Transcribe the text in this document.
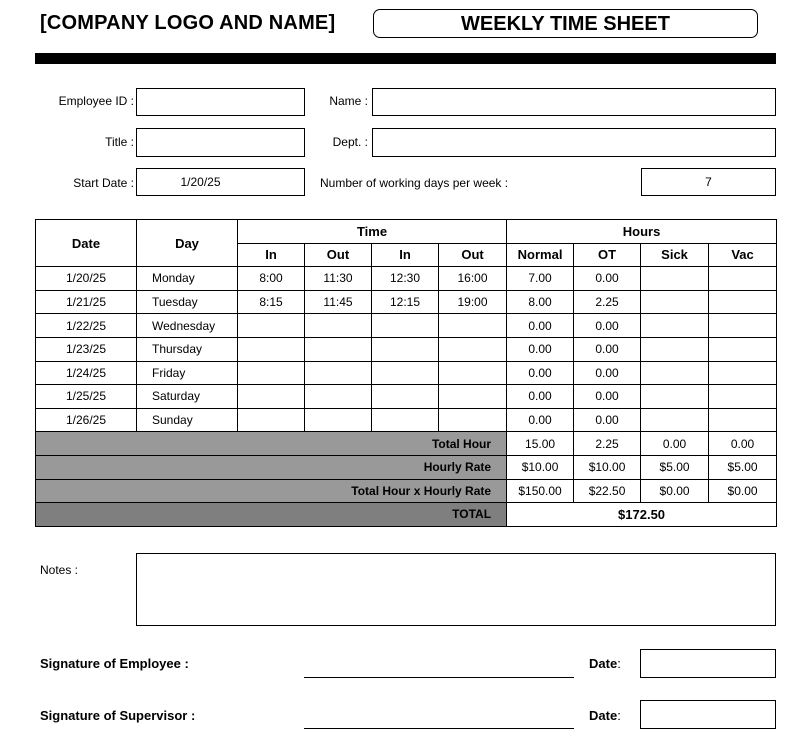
[COMPANY LOGO AND NAME]	WEEKLY TIME SHEET
Employee ID :	Name :
Title :	Dept. :
Start Date :	1/20/25	Number of working days per week :	7
Date	Day	Time				Hours			
		In	Out	In	Out	Normal	OT	Sick	Vac
1/20/25	Monday	8:00	11:30	12:30	16:00	7.00	0.00		
1/21/25	Tuesday	8:15	11:45	12:15	19:00	8.00	2.25		
1/22/25	Wednesday					0.00	0.00		
1/23/25	Thursday					0.00	0.00		
1/24/25	Friday					0.00	0.00		
1/25/25	Saturday					0.00	0.00		
1/26/25	Sunday					0.00	0.00		
Total Hour						15.00	2.25	0.00	0.00
Hourly Rate						$10.00	$10.00	$5.00	$5.00
Total Hour x Hourly Rate						$150.00	$22.50	$0.00	$0.00
TOTAL						$172.50			
Notes :
Signature of Employee :	Date:
Signature of Supervisor :	Date:
